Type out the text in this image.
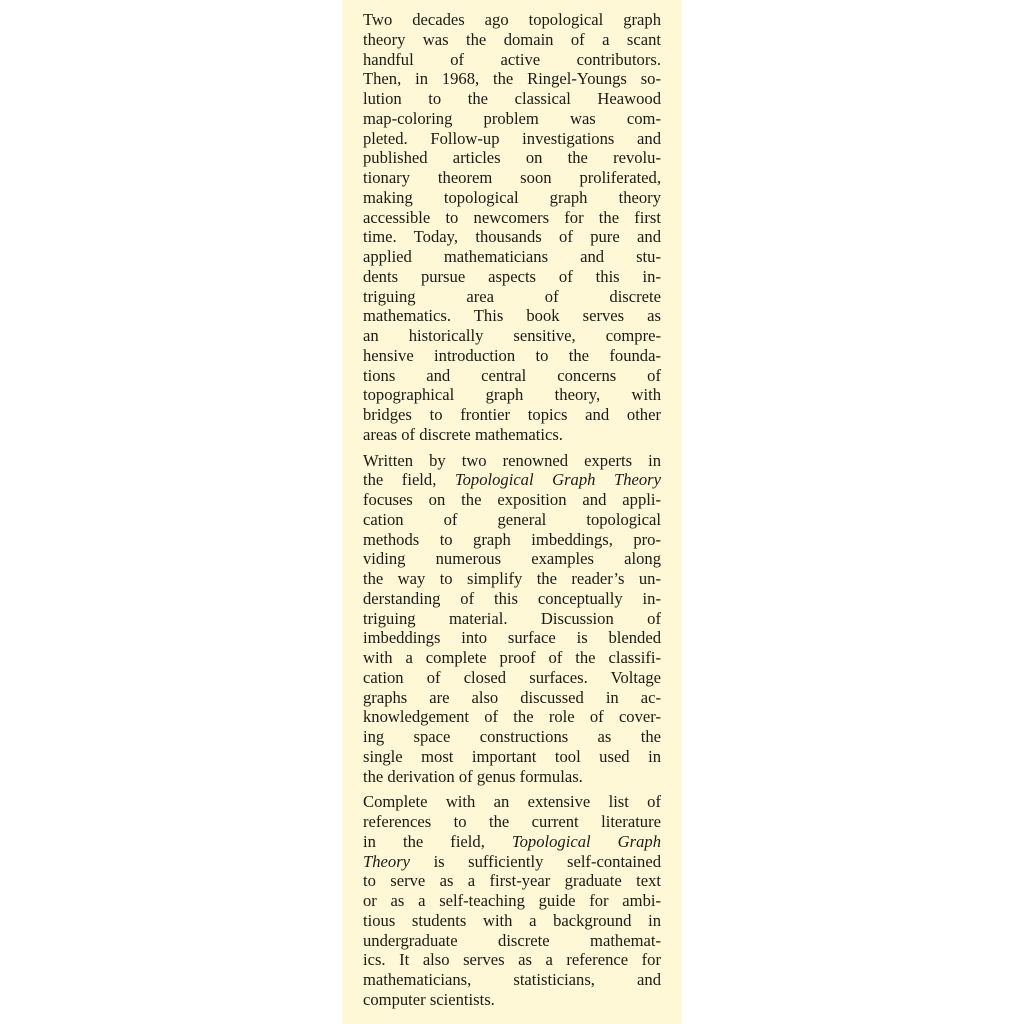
Two decades ago topological graph
theory was the domain of a scant
handful of active contributors.
Then, in 1968, the Ringel-Youngs so-
lution to the classical Heawood
map-coloring problem was com-
pleted. Follow-up investigations and
published articles on the revolu-
tionary theorem soon proliferated,
making topological graph theory
accessible to newcomers for the first
time. Today, thousands of pure and
applied mathematicians and stu-
dents pursue aspects of this in-
triguing area of discrete
mathematics. This book serves as
an historically sensitive, compre-
hensive introduction to the founda-
tions and central concerns of
topographical graph theory, with
bridges to frontier topics and other
areas of discrete mathematics.
Written by two renowned experts in
the field, Topological Graph Theory
focuses on the exposition and appli-
cation of general topological
methods to graph imbeddings, pro-
viding numerous examples along
the way to simplify the reader’s un-
derstanding of this conceptually in-
triguing material. Discussion of
imbeddings into surface is blended
with a complete proof of the classifi-
cation of closed surfaces. Voltage
graphs are also discussed in ac-
knowledgement of the role of cover-
ing space constructions as the
single most important tool used in
the derivation of genus formulas.
Complete with an extensive list of
references to the current literature
in the field, Topological Graph
Theory is sufficiently self-contained
to serve as a first-year graduate text
or as a self-teaching guide for ambi-
tious students with a background in
undergraduate discrete mathemat-
ics. It also serves as a reference for
mathematicians, statisticians, and
computer scientists.
